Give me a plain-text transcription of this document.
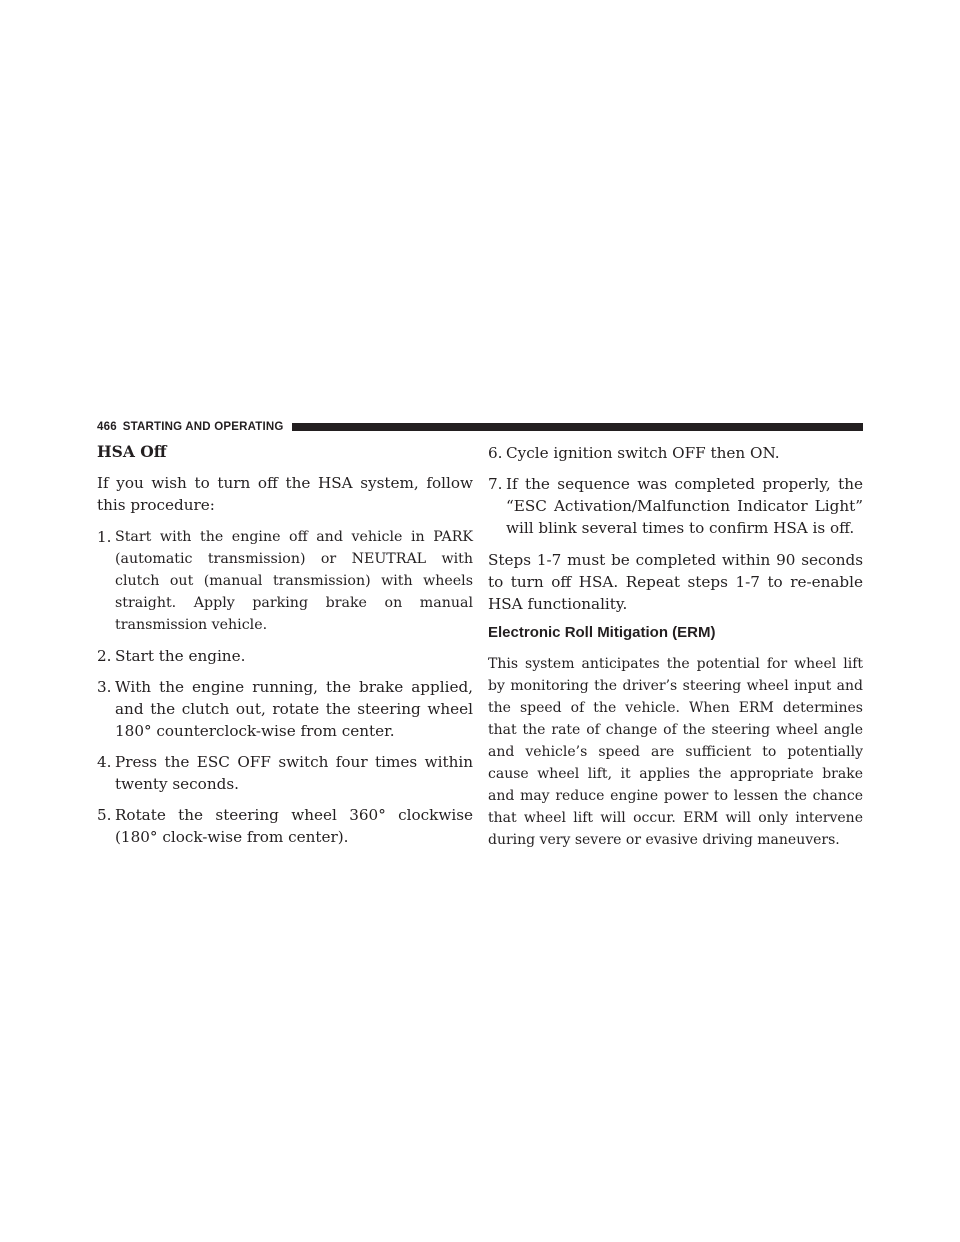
466 STARTING AND OPERATING
HSA Off

If you wish to turn off the HSA system, follow this procedure:

1. Start with the engine off and vehicle in PARK (automatic transmission) or NEUTRAL with clutch out (manual transmission) with wheels straight. Apply parking brake on manual transmission vehicle.
2. Start the engine.
3. With the engine running, the brake applied, and the clutch out, rotate the steering wheel 180° counterclock-wise from center.
4. Press the ESC OFF switch four times within twenty seconds.
5. Rotate the steering wheel 360° clockwise (180° clock-wise from center).
6. Cycle ignition switch OFF then ON.
7. If the sequence was completed properly, the “ESC Activation/Malfunction Indicator Light” will blink several times to confirm HSA is off.

Steps 1-7 must be completed within 90 seconds to turn off HSA. Repeat steps 1-7 to re-enable HSA functionality.

Electronic Roll Mitigation (ERM)

This system anticipates the potential for wheel lift by monitoring the driver’s steering wheel input and the speed of the vehicle. When ERM determines that the rate of change of the steering wheel angle and vehicle’s speed are sufficient to potentially cause wheel lift, it applies the appropriate brake and may reduce engine power to lessen the chance that wheel lift will occur. ERM will only intervene during very severe or evasive driving maneuvers.
